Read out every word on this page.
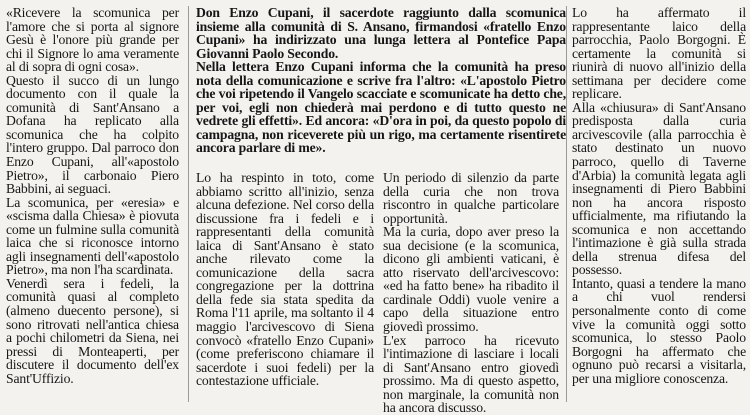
«Ricevere la scomunica per l'amore che si porta al signore Gesù è l'onore più grande per chi il Signore lo ama veramente al di sopra di ogni cosa».

Questo il succo di un lungo documento con il quale la comunità di Sant'Ansano a Dofana ha replicato alla scomunica che ha colpito l'intero gruppo. Dal parroco don Enzo Cupani, all'«apostolo Pietro», il carbonaio Piero Babbini, ai seguaci.

La scomunica, per «eresia» e «scisma dalla Chiesa» è piovuta come un fulmine sulla comunità laica che si riconosce intorno agli insegnamenti dell'«apostolo Pietro», ma non l'ha scardinata.

Venerdì sera i fedeli, la comunità quasi al completo (almeno duecento persone), si sono ritrovati nell'antica chiesa a pochi chilometri da Siena, nei pressi di Monteaperti, per discutere il documento dell'ex Sant'Uffizio.

Don Enzo Cupani, il sacerdote raggiunto dalla scomunica insieme alla comunità di S. Ansano, firmandosi «fratello Enzo Cupani» ha indirizzato una lunga lettera al Pontefice Papa Giovanni Paolo Secondo.

Nella lettera Enzo Cupani informa che la comunità ha preso nota della comunicazione e scrive fra l'altro: «L'apostolo Pietro che voi ripetendo il Vangelo scacciate e scomunicate ha detto che, per voi, egli non chiederà mai perdono e di tutto questo ne vedrete gli effetti». Ed ancora: «D'ora in poi, da questo popolo di campagna, non riceverete più un rigo, ma certamente risentirete ancora parlare di me».

Lo ha respinto in toto, come abbiamo scritto all'inizio, senza alcuna defezione. Nel corso della discussione fra i fedeli e i rappresentanti della comunità laica di Sant'Ansano è stato anche rilevato come la comunicazione della sacra congregazione per la dottrina della fede sia stata spedita da Roma l'11 aprile, ma soltanto il 4 maggio l'arcivescovo di Siena convocò «fratello Enzo Cupani» (come preferiscono chiamare il sacerdote i suoi fedeli) per la contestazione ufficiale.

Un periodo di silenzio da parte della curia che non trova riscontro in qualche particolare opportunità.

Ma la curia, dopo aver preso la sua decisione (e la scomunica, dicono gli ambienti vaticani, è atto riservato dell'arcivescovo: «ed ha fatto bene» ha ribadito il cardinale Oddi) vuole venire a capo della situazione entro giovedì prossimo.

L'ex parroco ha ricevuto l'intimazione di lasciare i locali di Sant'Ansano entro giovedì prossimo. Ma di questo aspetto, non marginale, la comunità non ha ancora discusso.

Lo ha affermato il rappresentante laico della parrocchia, Paolo Borgogni. È certamente la comunità si riunirà di nuovo all'inizio della settimana per decidere come replicare.

Alla «chiusura» di Sant'Ansano predisposta dalla curia arcivescovile (alla parrocchia è stato destinato un nuovo parroco, quello di Taverne d'Arbia) la comunità legata agli insegnamenti di Piero Babbini non ha ancora risposto ufficialmente, ma rifiutando la scomunica e non accettando l'intimazione è già sulla strada della strenua difesa del possesso.

Intanto, quasi a tendere la mano a chi vuol rendersi personalmente conto di come vive la comunità oggi sotto scomunica, lo stesso Paolo Borgogni ha affermato che ognuno può recarsi a visitarla, per una migliore conoscenza.
